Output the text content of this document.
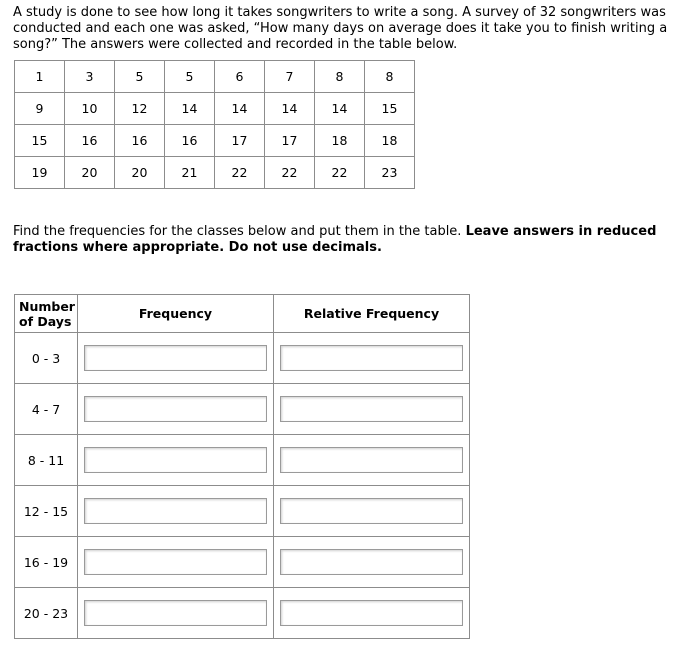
A study is done to see how long it takes songwriters to write a song. A survey of 32 songwriters was conducted and each one was asked, “How many days on average does it take you to finish writing a song?” The answers were collected and recorded in the table below.

1	3	5	5	6	7	8	8
9	10	12	14	14	14	14	15
15	16	16	16	17	17	18	18
19	20	20	21	22	22	22	23

Find the frequencies for the classes below and put them in the table. Leave answers in reduced fractions where appropriate. Do not use decimals.

Number of Days	Frequency	Relative Frequency
0 - 3		
4 - 7		
8 - 11		
12 - 15		
16 - 19		
20 - 23		
